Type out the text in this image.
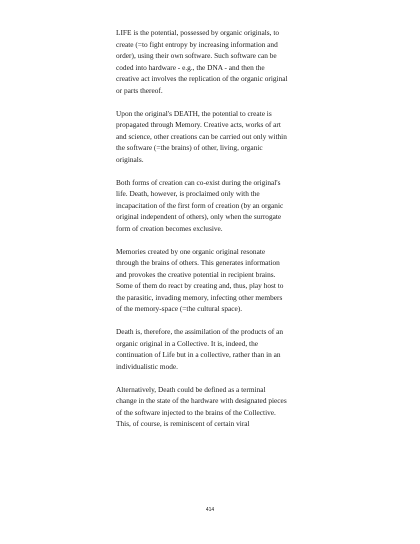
LIFE is the potential, possessed by organic originals, to
create (=to fight entropy by increasing information and
order), using their own software. Such software can be
coded into hardware - e.g., the DNA - and then the
creative act involves the replication of the organic original
or parts thereof.

Upon the original's DEATH, the potential to create is
propagated through Memory. Creative acts, works of art
and science, other creations can be carried out only within
the software (=the brains) of other, living, organic
originals.

Both forms of creation can co-exist during the original's
life. Death, however, is proclaimed only with the
incapacitation of the first form of creation (by an organic
original independent of others), only when the surrogate
form of creation becomes exclusive.

Memories created by one organic original resonate
through the brains of others. This generates information
and provokes the creative potential in recipient brains.
Some of them do react by creating and, thus, play host to
the parasitic, invading memory, infecting other members
of the memory-space (=the cultural space).

Death is, therefore, the assimilation of the products of an
organic original in a Collective. It is, indeed, the
continuation of Life but in a collective, rather than in an
individualistic mode.

Alternatively, Death could be defined as a terminal
change in the state of the hardware with designated pieces
of the software injected to the brains of the Collective.
This, of course, is reminiscent of certain viral

414
